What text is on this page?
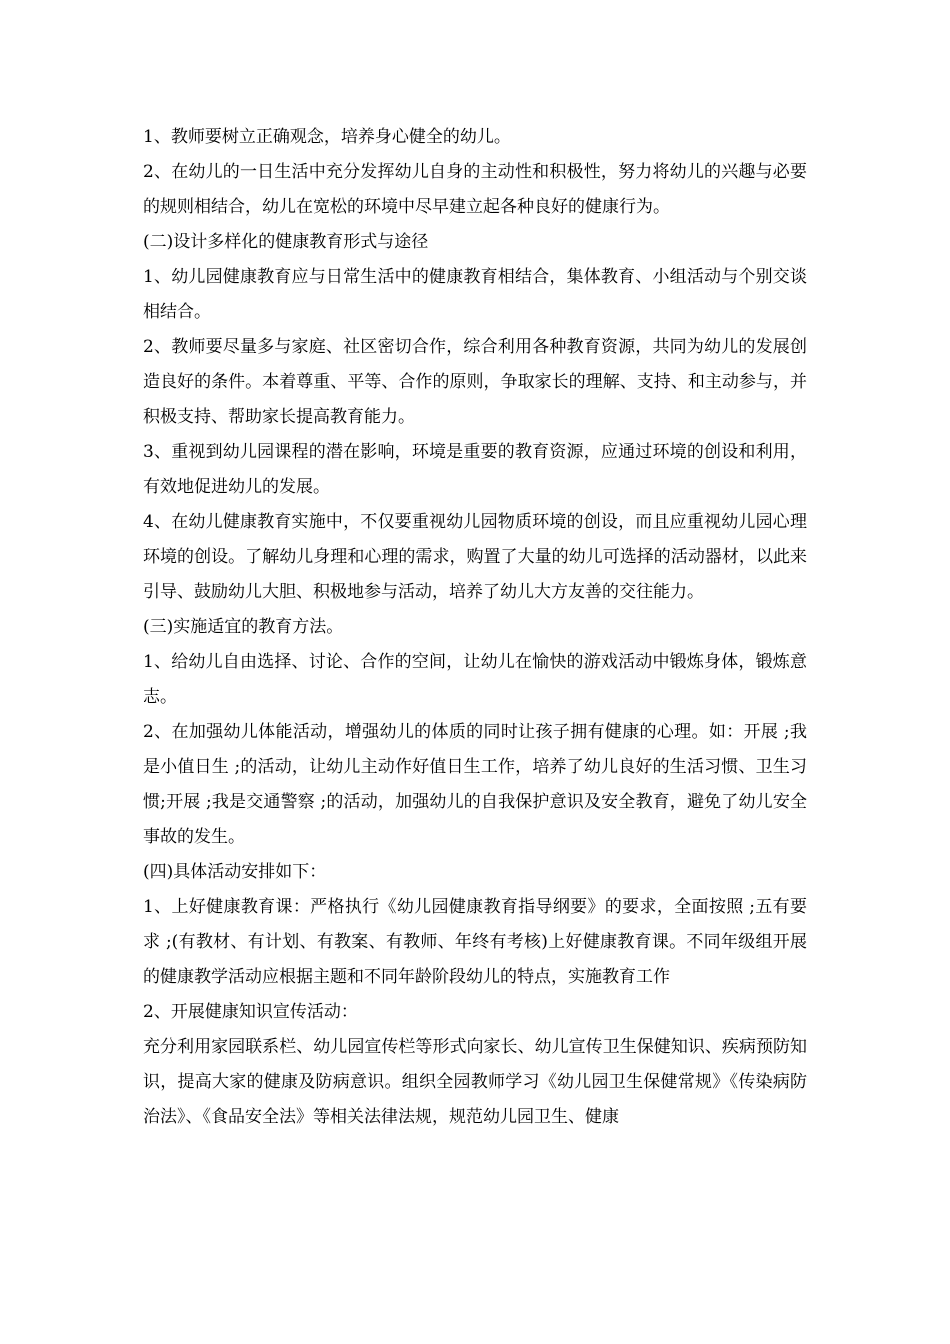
1、教师要树立正确观念，培养身心健全的幼儿。

2、在幼儿的一日生活中充分发挥幼儿自身的主动性和积极性，努力将幼儿的兴趣与必要的规则相结合，幼儿在宽松的环境中尽早建立起各种良好的健康行为。

(二)设计多样化的健康教育形式与途径

1、幼儿园健康教育应与日常生活中的健康教育相结合，集体教育、小组活动与个别交谈相结合。

2、教师要尽量多与家庭、社区密切合作，综合利用各种教育资源，共同为幼儿的发展创造良好的条件。本着尊重、平等、合作的原则，争取家长的理解、支持、和主动参与，并积极支持、帮助家长提高教育能力。

3、重视到幼儿园课程的潜在影响，环境是重要的教育资源，应通过环境的创设和利用，有效地促进幼儿的发展。

4、在幼儿健康教育实施中，不仅要重视幼儿园物质环境的创设，而且应重视幼儿园心理环境的创设。了解幼儿身理和心理的需求，购置了大量的幼儿可选择的活动器材，以此来引导、鼓励幼儿大胆、积极地参与活动，培养了幼儿大方友善的交往能力。

(三)实施适宜的教育方法。

1、给幼儿自由选择、讨论、合作的空间，让幼儿在愉快的游戏活动中锻炼身体，锻炼意志。

2、在加强幼儿体能活动，增强幼儿的体质的同时让孩子拥有健康的心理。如：开展 ;我是小值日生 ;的活动，让幼儿主动作好值日生工作，培养了幼儿良好的生活习惯、卫生习惯;开展 ;我是交通警察 ;的活动，加强幼儿的自我保护意识及安全教育，避免了幼儿安全事故的发生。

(四)具体活动安排如下：

1、上好健康教育课：严格执行《幼儿园健康教育指导纲要》的要求，全面按照 ;五有要求 ;(有教材、有计划、有教案、有教师、年终有考核)上好健康教育课。不同年级组开展的健康教学活动应根据主题和不同年龄阶段幼儿的特点，实施教育工作

2、开展健康知识宣传活动：

充分利用家园联系栏、幼儿园宣传栏等形式向家长、幼儿宣传卫生保健知识、疾病预防知识，提高大家的健康及防病意识。组织全园教师学习《幼儿园卫生保健常规》《传染病防治法》、《食品安全法》等相关法律法规，规范幼儿园卫生、健康
